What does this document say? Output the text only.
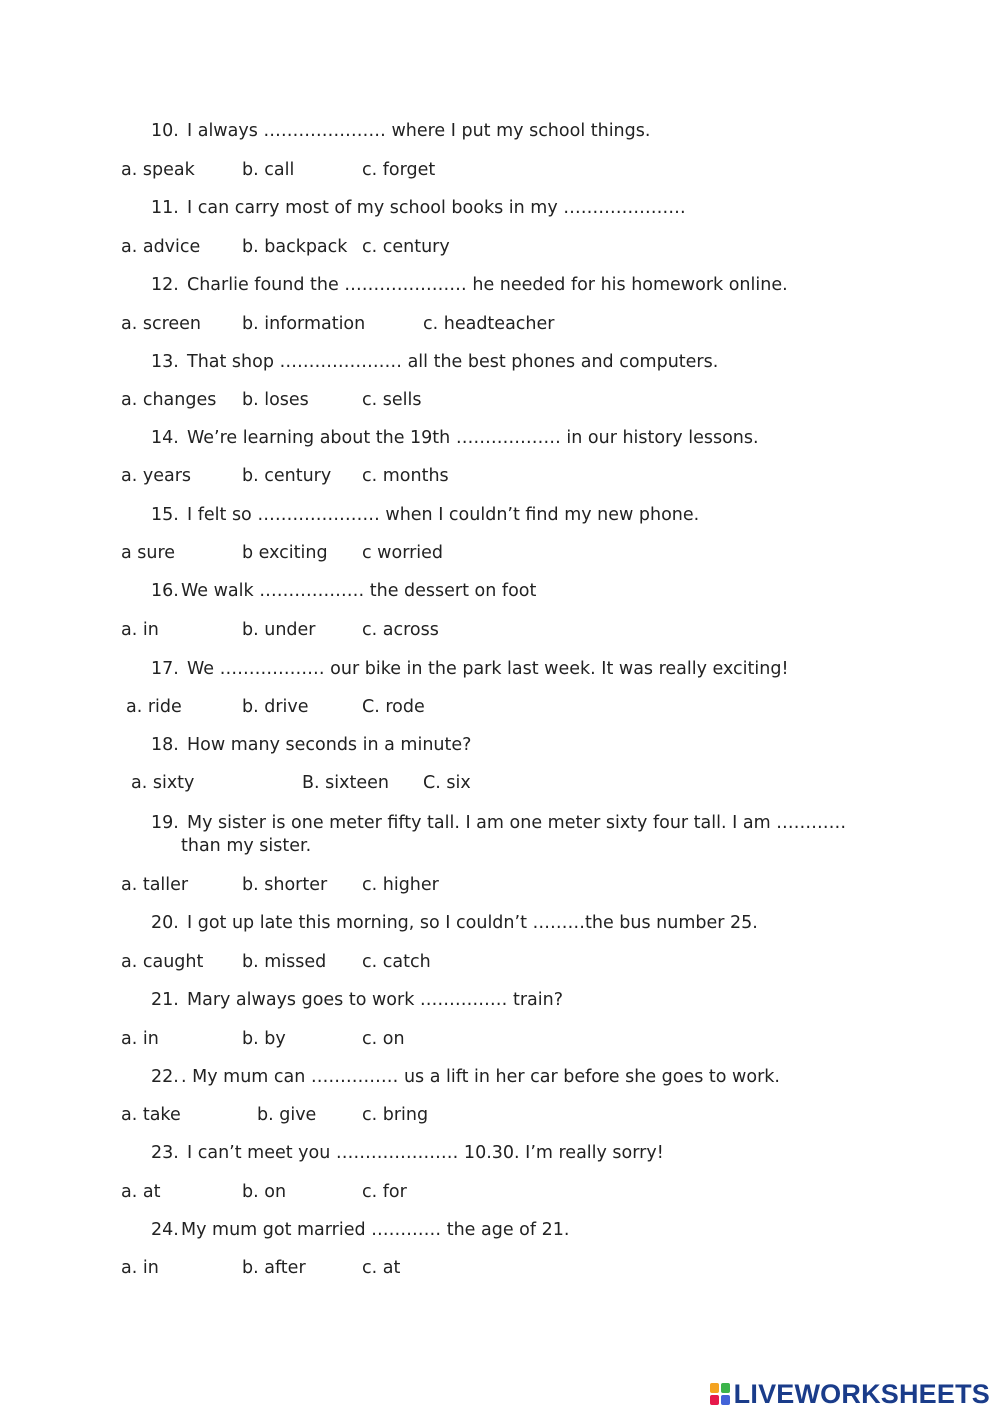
10. I always ………………… where I put my school things.
a. speak	b. call	c. forget
11. I can carry most of my school books in my …………………
a. advice b. backpack c. century
12. Charlie found the ………………… he needed for his homework online.
a. screen b. information	c. headteacher
13. That shop ………………… all the best phones and computers.
a. changes b. loses	c. sells
14. We’re learning about the 19th ……………… in our history lessons.
a. years	b. century c. months
15. I felt so ………………… when I couldn’t find my new phone.
a sure	b exciting c worried
16. We walk ……………… the dessert on foot
a. in	b. under	c. across
17. We ……………… our bike in the park last week. It was really exciting!
a. ride	b. drive	C. rode
18. How many seconds in a minute?
a. sixty	B. sixteen C. six
19. My sister is one meter fifty tall. I am one meter sixty four tall. I am …………
than my sister.
a. taller	b. shorter c. higher
20. I got up late this morning, so I couldn’t ………the bus number 25.
a. caught b. missed c. catch
21. Mary always goes to work …………… train?
a. in	b. by	c. on
22. . My mum can …………… us a lift in her car before she goes to work.
a. take	b. give	c. bring
23. I can’t meet you ………………… 10.30. I’m really sorry!
a. at	b. on	c. for
24. My mum got married ………… the age of 21.
a. in	b. after	c. at
LIVEWORKSHEETS
